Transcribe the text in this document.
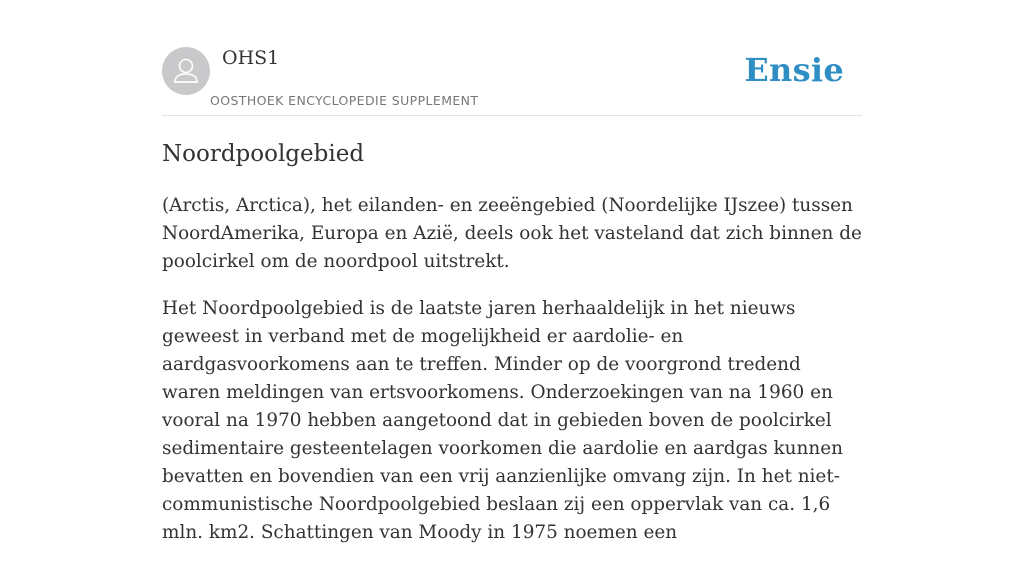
OHS1
OOSTHOEK ENCYCLOPEDIE SUPPLEMENT
Ensie
Noordpoolgebied

(Arctis, Arctica), het eilanden- en zeeëngebied (Noordelijke IJszee) tussen NoordAmerika, Europa en Azië, deels ook het vasteland dat zich binnen de poolcirkel om de noordpool uitstrekt.

Het Noordpoolgebied is de laatste jaren herhaaldelijk in het nieuws geweest in verband met de mogelijkheid er aardolie- en aardgasvoorkomens aan te treffen. Minder op de voorgrond tredend waren meldingen van ertsvoorkomens. Onderzoekingen van na 1960 en vooral na 1970 hebben aangetoond dat in gebieden boven de poolcirkel sedimentaire gesteentelagen voorkomen die aardolie en aardgas kunnen bevatten en bovendien van een vrij aanzienlijke omvang zijn. In het niet-communistische Noordpoolgebied beslaan zij een oppervlak van ca. 1,6 mln. km2. Schattingen van Moody in 1975 noemen een
